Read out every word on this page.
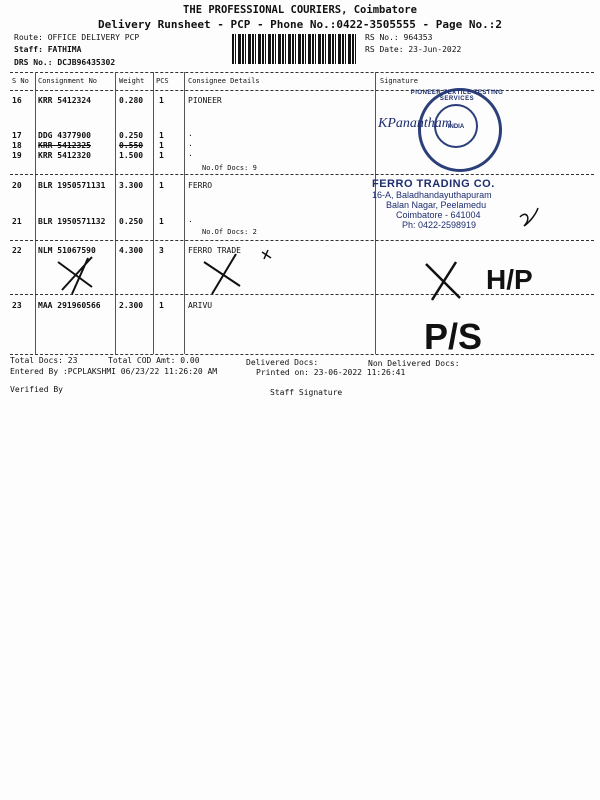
THE PROFESSIONAL COURIERS, Coimbatore
Delivery Runsheet - PCP - Phone No.:0422-3505555 - Page No.:2
Route: OFFICE DELIVERY PCP
Staff: FATHIMA
DRS No.: DCJB96435302
RS No.: 964353
RS Date: 23-Jun-2022
S No Consignment No	Weight PCS	Consignee Details	Signature
16 KRR 5412324	0.280 1	PIONEER
17 DDG 4377900	0.250 1	.
18 KRR 5412325	0.550 1	.
19 KRR 5412320	1.500 1	.
No.Of Docs: 9
20 BLR 1950571131 3.300 1	FERRO
21 BLR 1950571132 0.250 1	.
No.Of Docs: 2
22 NLM 51067590	4.300 3	FERRO TRADE
23 MAA 291960566 2.300 1	ARIVU
PIONEER TEXTILE TESTING SERVICES
INDIA
KPanantham
FERRO TRADING CO.
16-A, Baladhandayuthapuram
Balan Nagar, Peelamedu
Coimbatore - 641004
Ph: 0422-2598919
H/P
P/S
Total Docs: 23	Total COD Amt: 0.00	Delivered Docs:	Non Delivered Docs:
Entered By :PCPLAKSHMI 06/23/22 11:26:20 AM	Printed on: 23-06-2022 11:26:41
Verified By	Staff Signature
